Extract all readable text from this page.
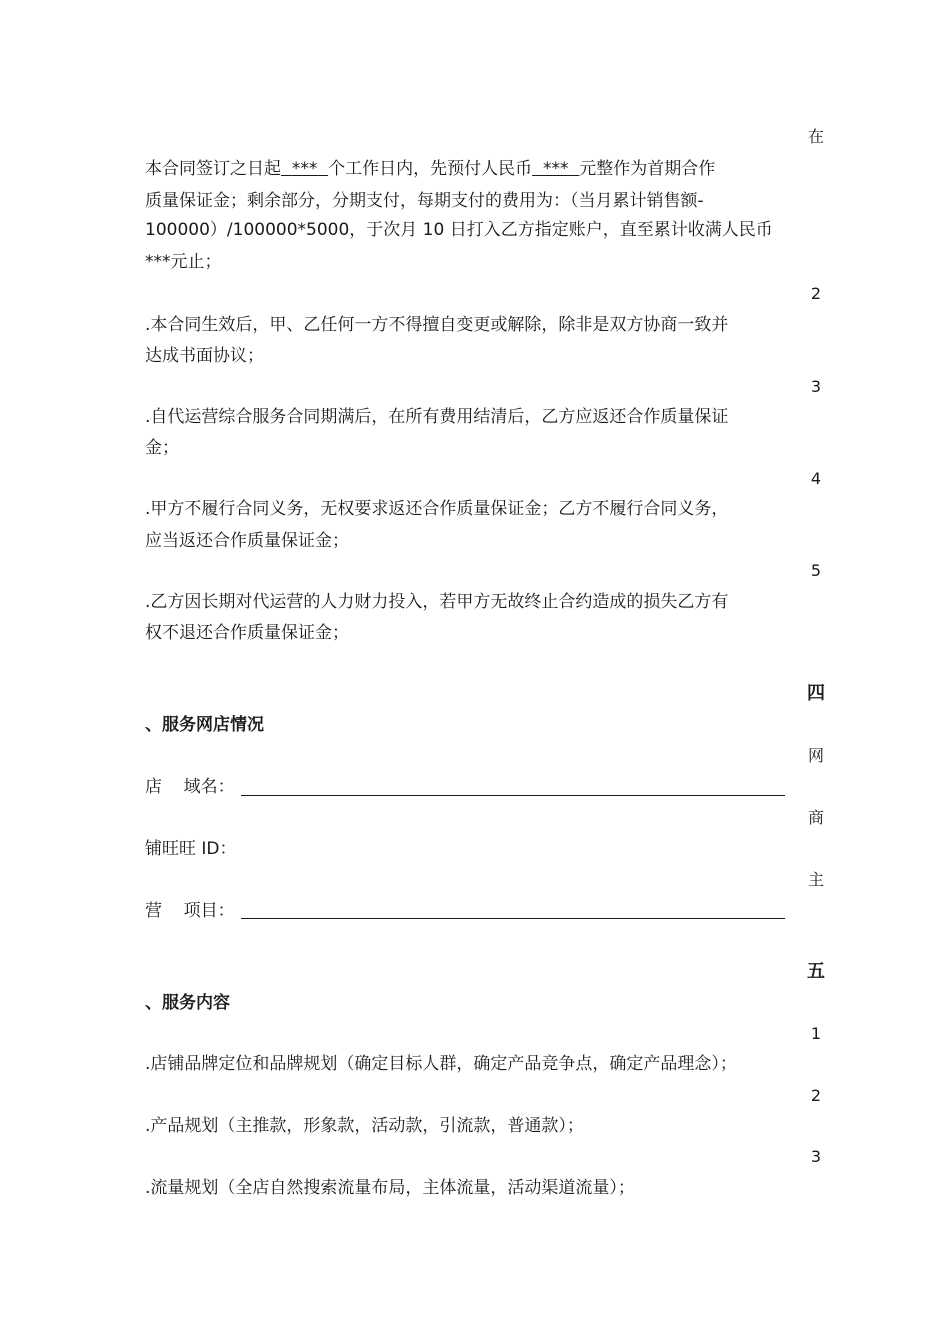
在
本合同签订之日起 *** 个工作日内，先预付人民币 *** 元整作为首期合作
质量保证金；剩余部分，分期支付，每期支付的费用为：（当月累计销售额-
100000）/100000*5000，于次月 10 日打入乙方指定账户，直至累计收满人民币
***元止；
2
.本合同生效后，甲、乙任何一方不得擅自变更或解除，除非是双方协商一致并
达成书面协议；
3
.自代运营综合服务合同期满后，在所有费用结清后，乙方应返还合作质量保证
金；
4
.甲方不履行合同义务，无权要求返还合作质量保证金；乙方不履行合同义务，
应当返还合作质量保证金；
5
.乙方因长期对代运营的人力财力投入，若甲方无故终止合约造成的损失乙方有
权不退还合作质量保证金；
四
、服务网店情况
网
店    域名：
商
铺旺旺 ID：
主
营    项目：
五
、服务内容
1
.店铺品牌定位和品牌规划（确定目标人群，确定产品竞争点，确定产品理念）；
2
.产品规划（主推款，形象款，活动款，引流款，普通款）；
3
.流量规划（全店自然搜索流量布局，主体流量，活动渠道流量）；
